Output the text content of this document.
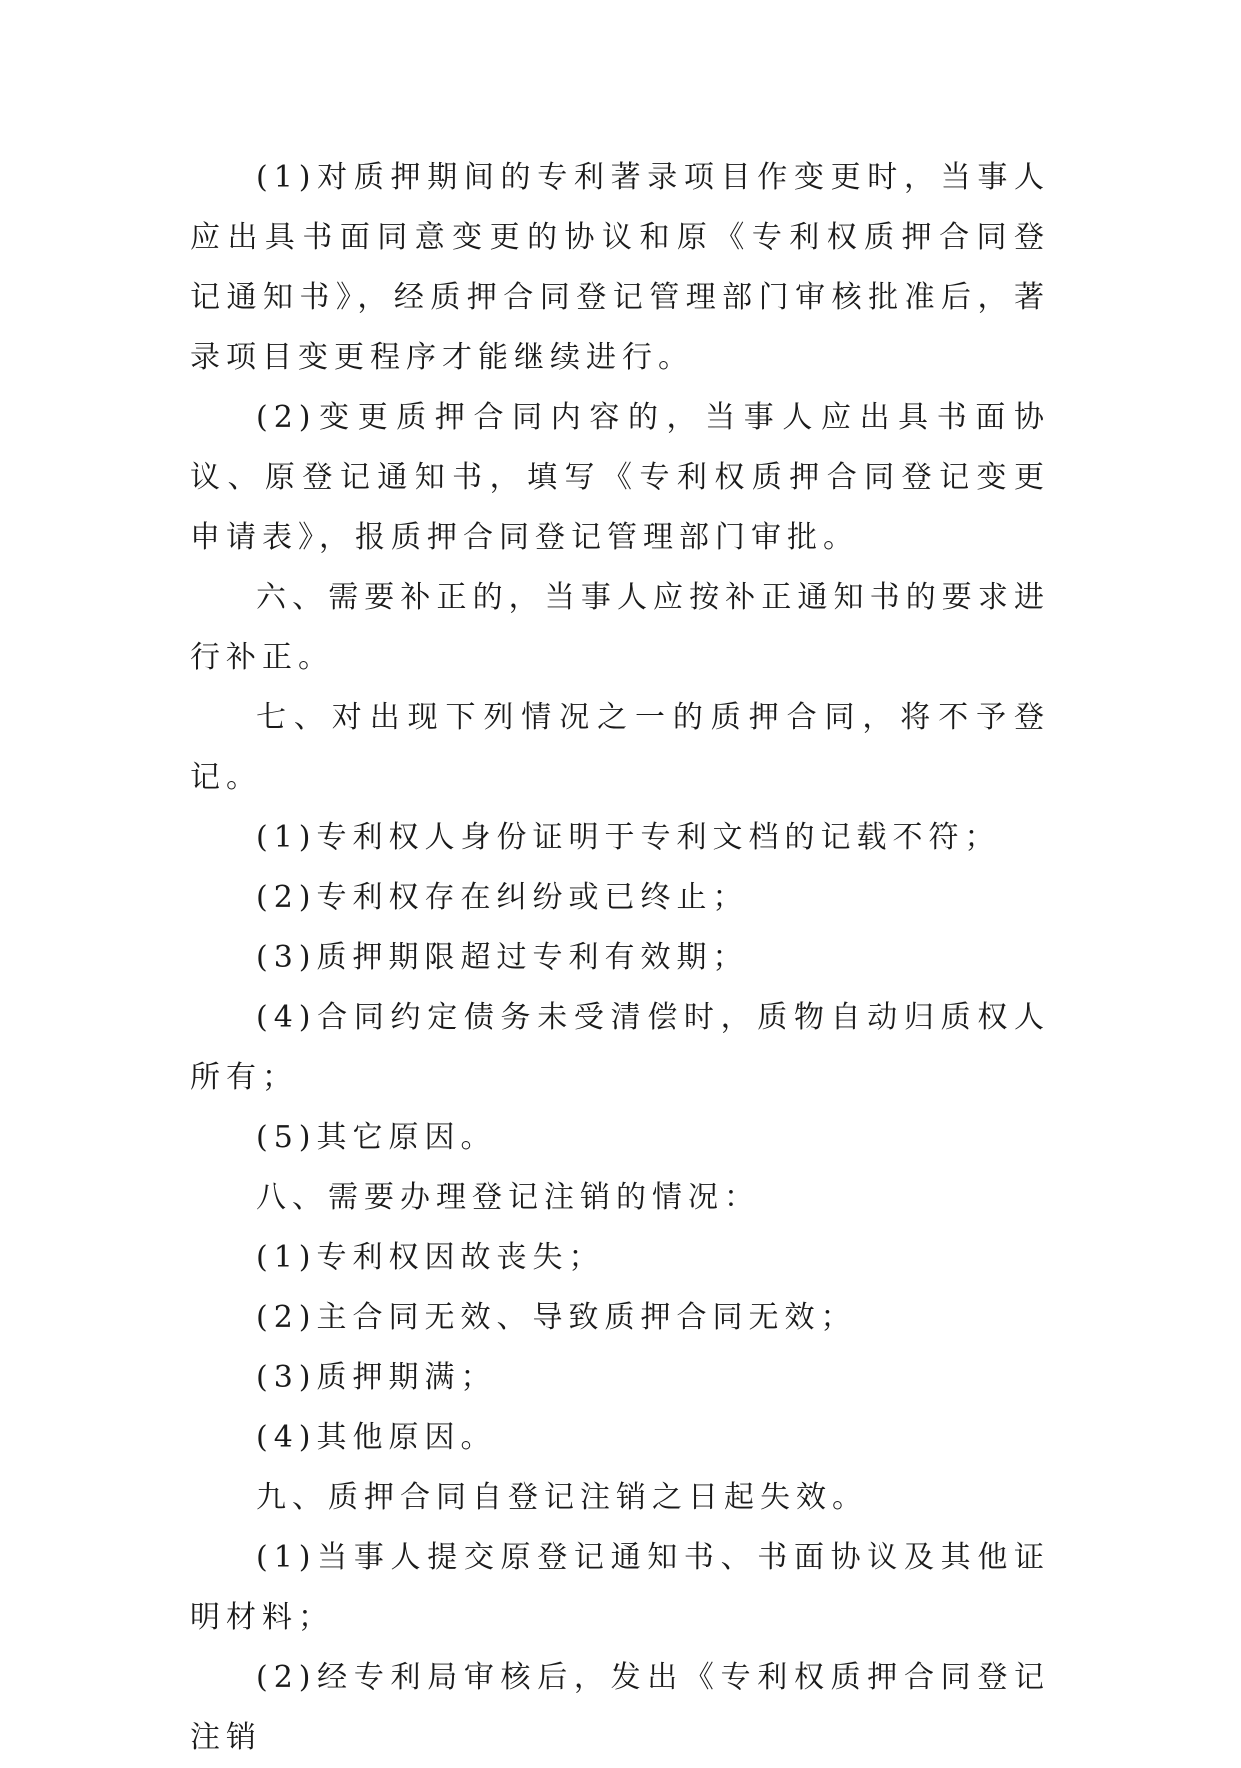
(1)对质押期间的专利著录项目作变更时，当事人应出具书面同意变更的协议和原《专利权质押合同登记通知书》，经质押合同登记管理部门审核批准后，著录项目变更程序才能继续进行。

(2)变更质押合同内容的，当事人应出具书面协议、原登记通知书，填写《专利权质押合同登记变更申请表》，报质押合同登记管理部门审批。

六、需要补正的，当事人应按补正通知书的要求进行补正。

七、对出现下列情况之一的质押合同，将不予登记。

(1)专利权人身份证明于专利文档的记载不符；

(2)专利权存在纠纷或已终止；

(3)质押期限超过专利有效期；

(4)合同约定债务未受清偿时，质物自动归质权人所有；

(5)其它原因。

八、需要办理登记注销的情况：

(1)专利权因故丧失；

(2)主合同无效、导致质押合同无效；

(3)质押期满；

(4)其他原因。

九、质押合同自登记注销之日起失效。

(1)当事人提交原登记通知书、书面协议及其他证明材料；

(2)经专利局审核后，发出《专利权质押合同登记注销
